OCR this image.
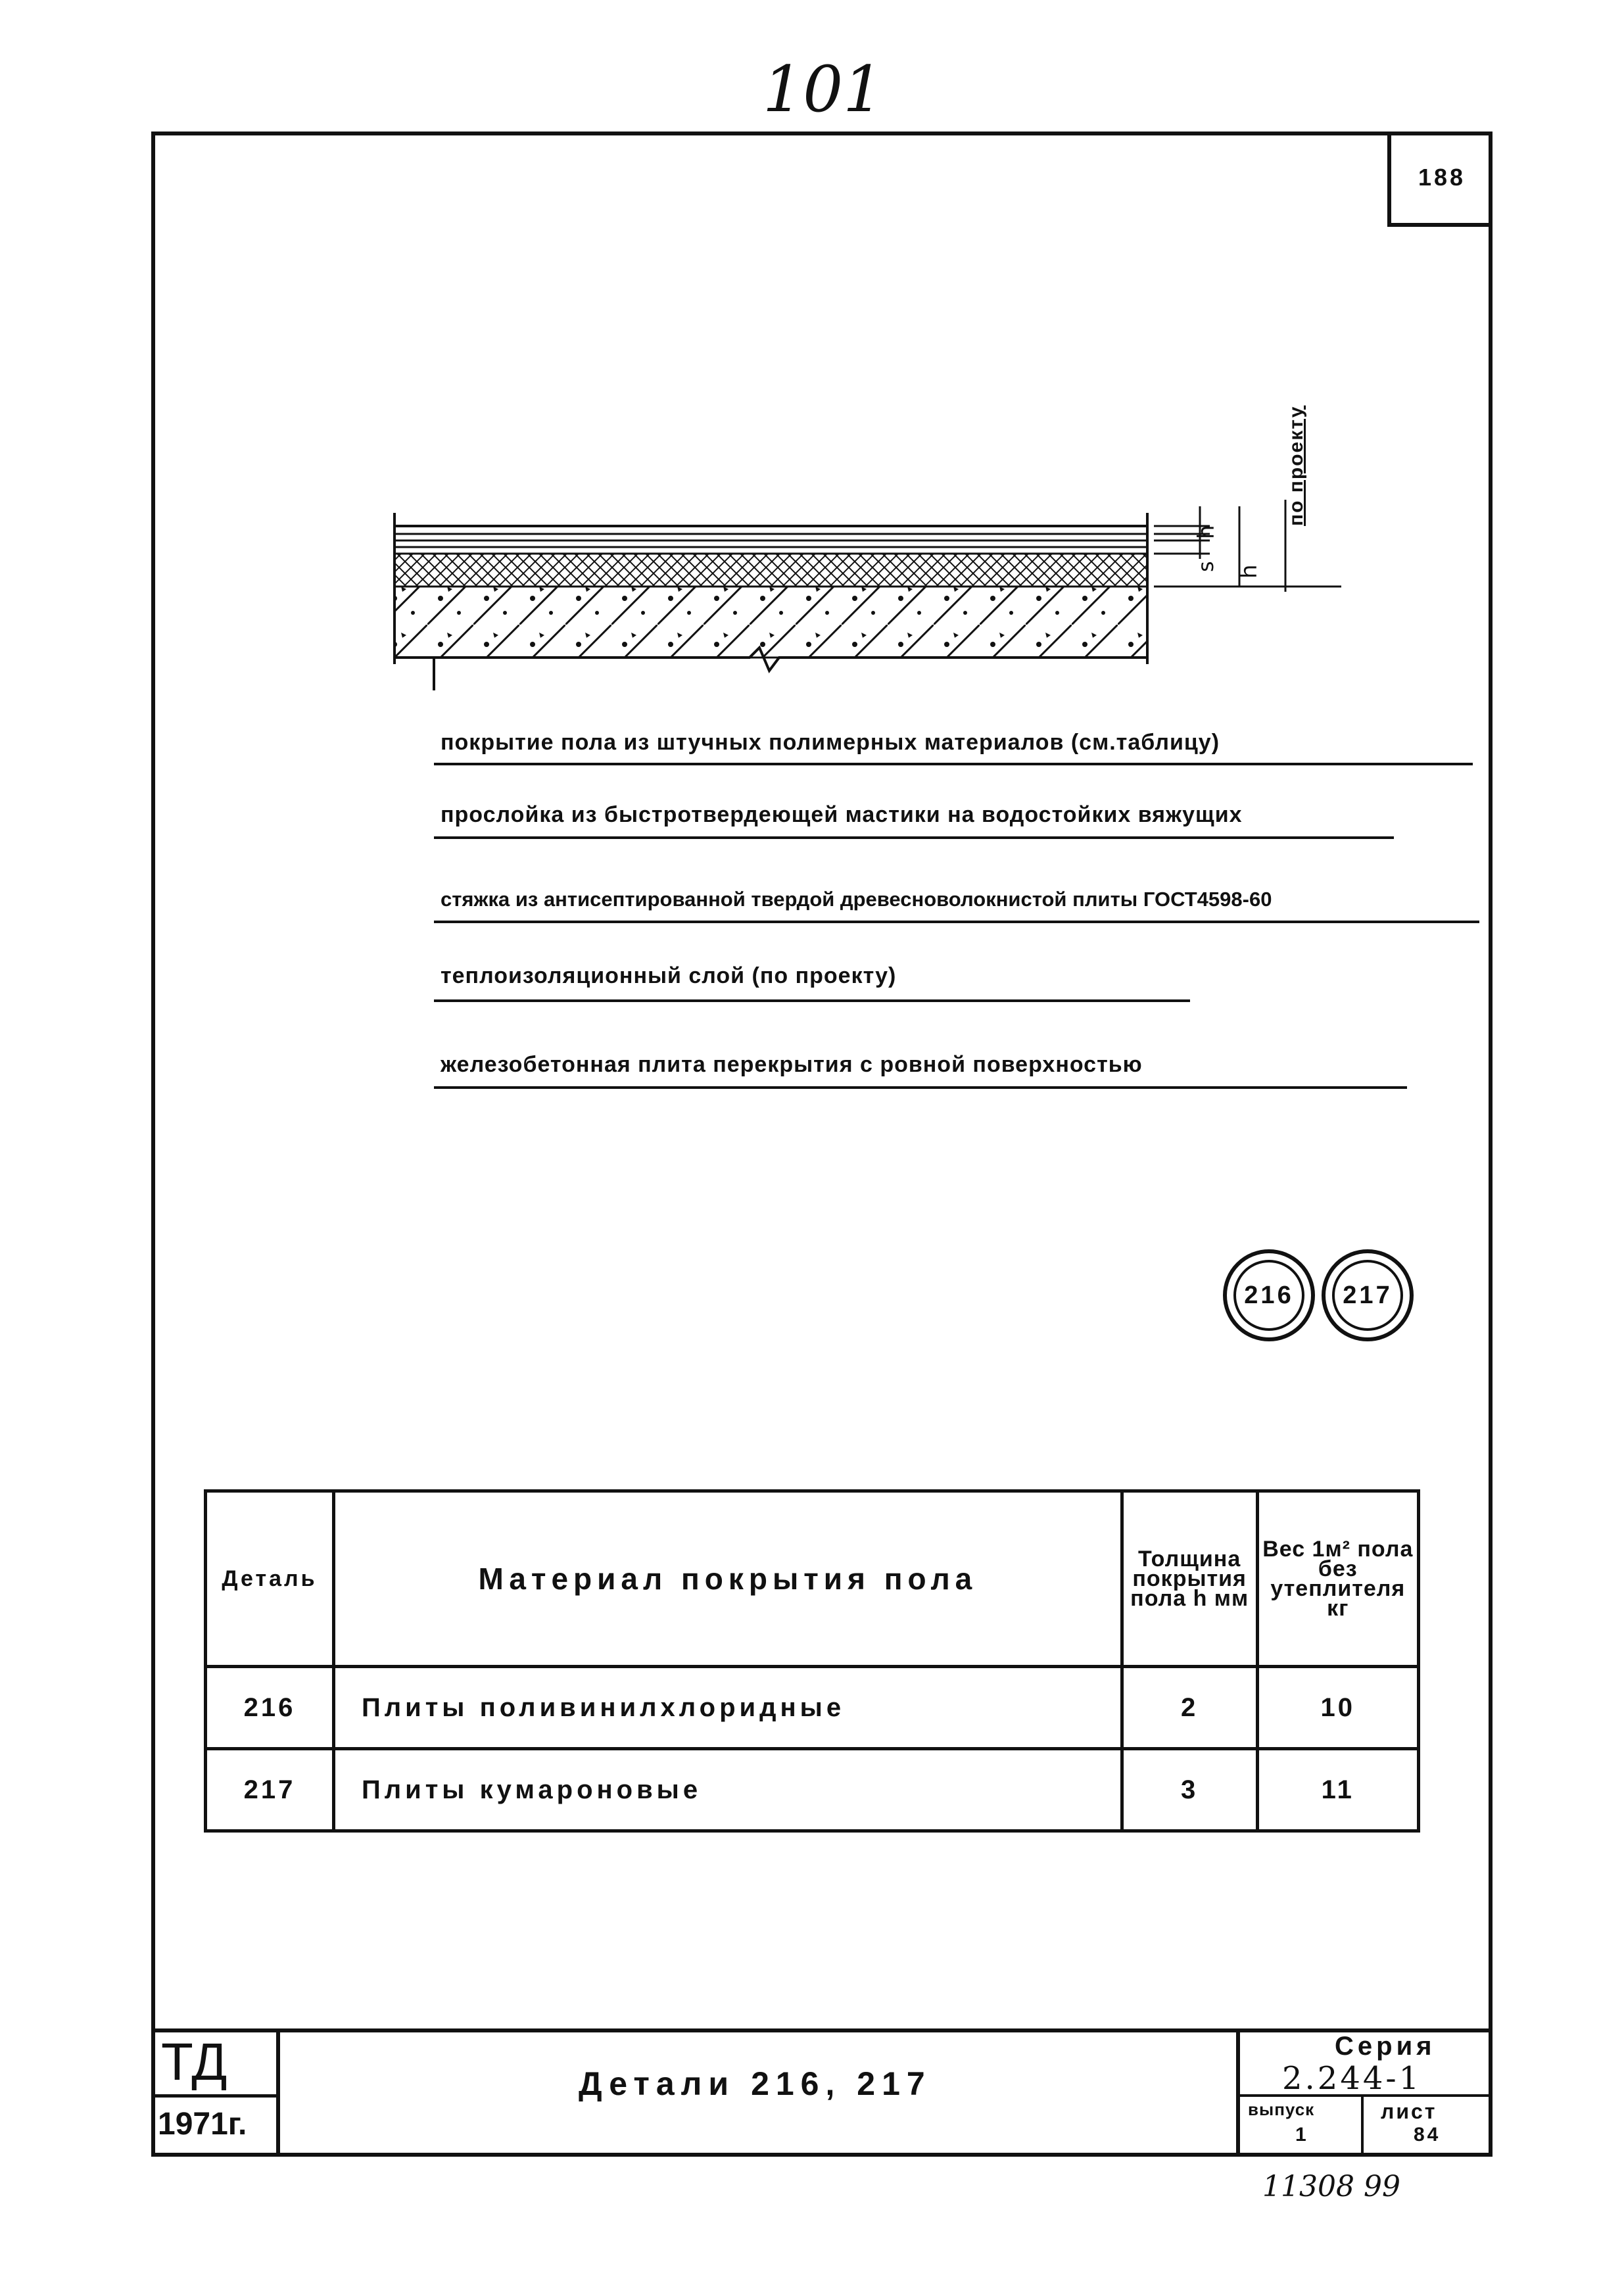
101
188
h
s h
по проекту
покрытие пола из штучных полимерных материалов (см.таблицу)
прослойка из быстротвердеющей мастики на водостойких вяжущих
стяжка из антисептированной твердой древесноволокнистой плиты ГОСТ4598-60
теплоизоляционный слой (по проекту)
железобетонная плита перекрытия с ровной поверхностью
216	217
Деталь	Материал покрытия пола	Толщина покрытия пола h мм	Вес 1м² пола без утеплителя кг
216	Плиты поливинилхлоридные	2	10
217	Плиты кумароновые	3	11
ТД
1971г.
Детали 216, 217
Серия
2.244-1
выпуск
1
лист
84
11308 99
